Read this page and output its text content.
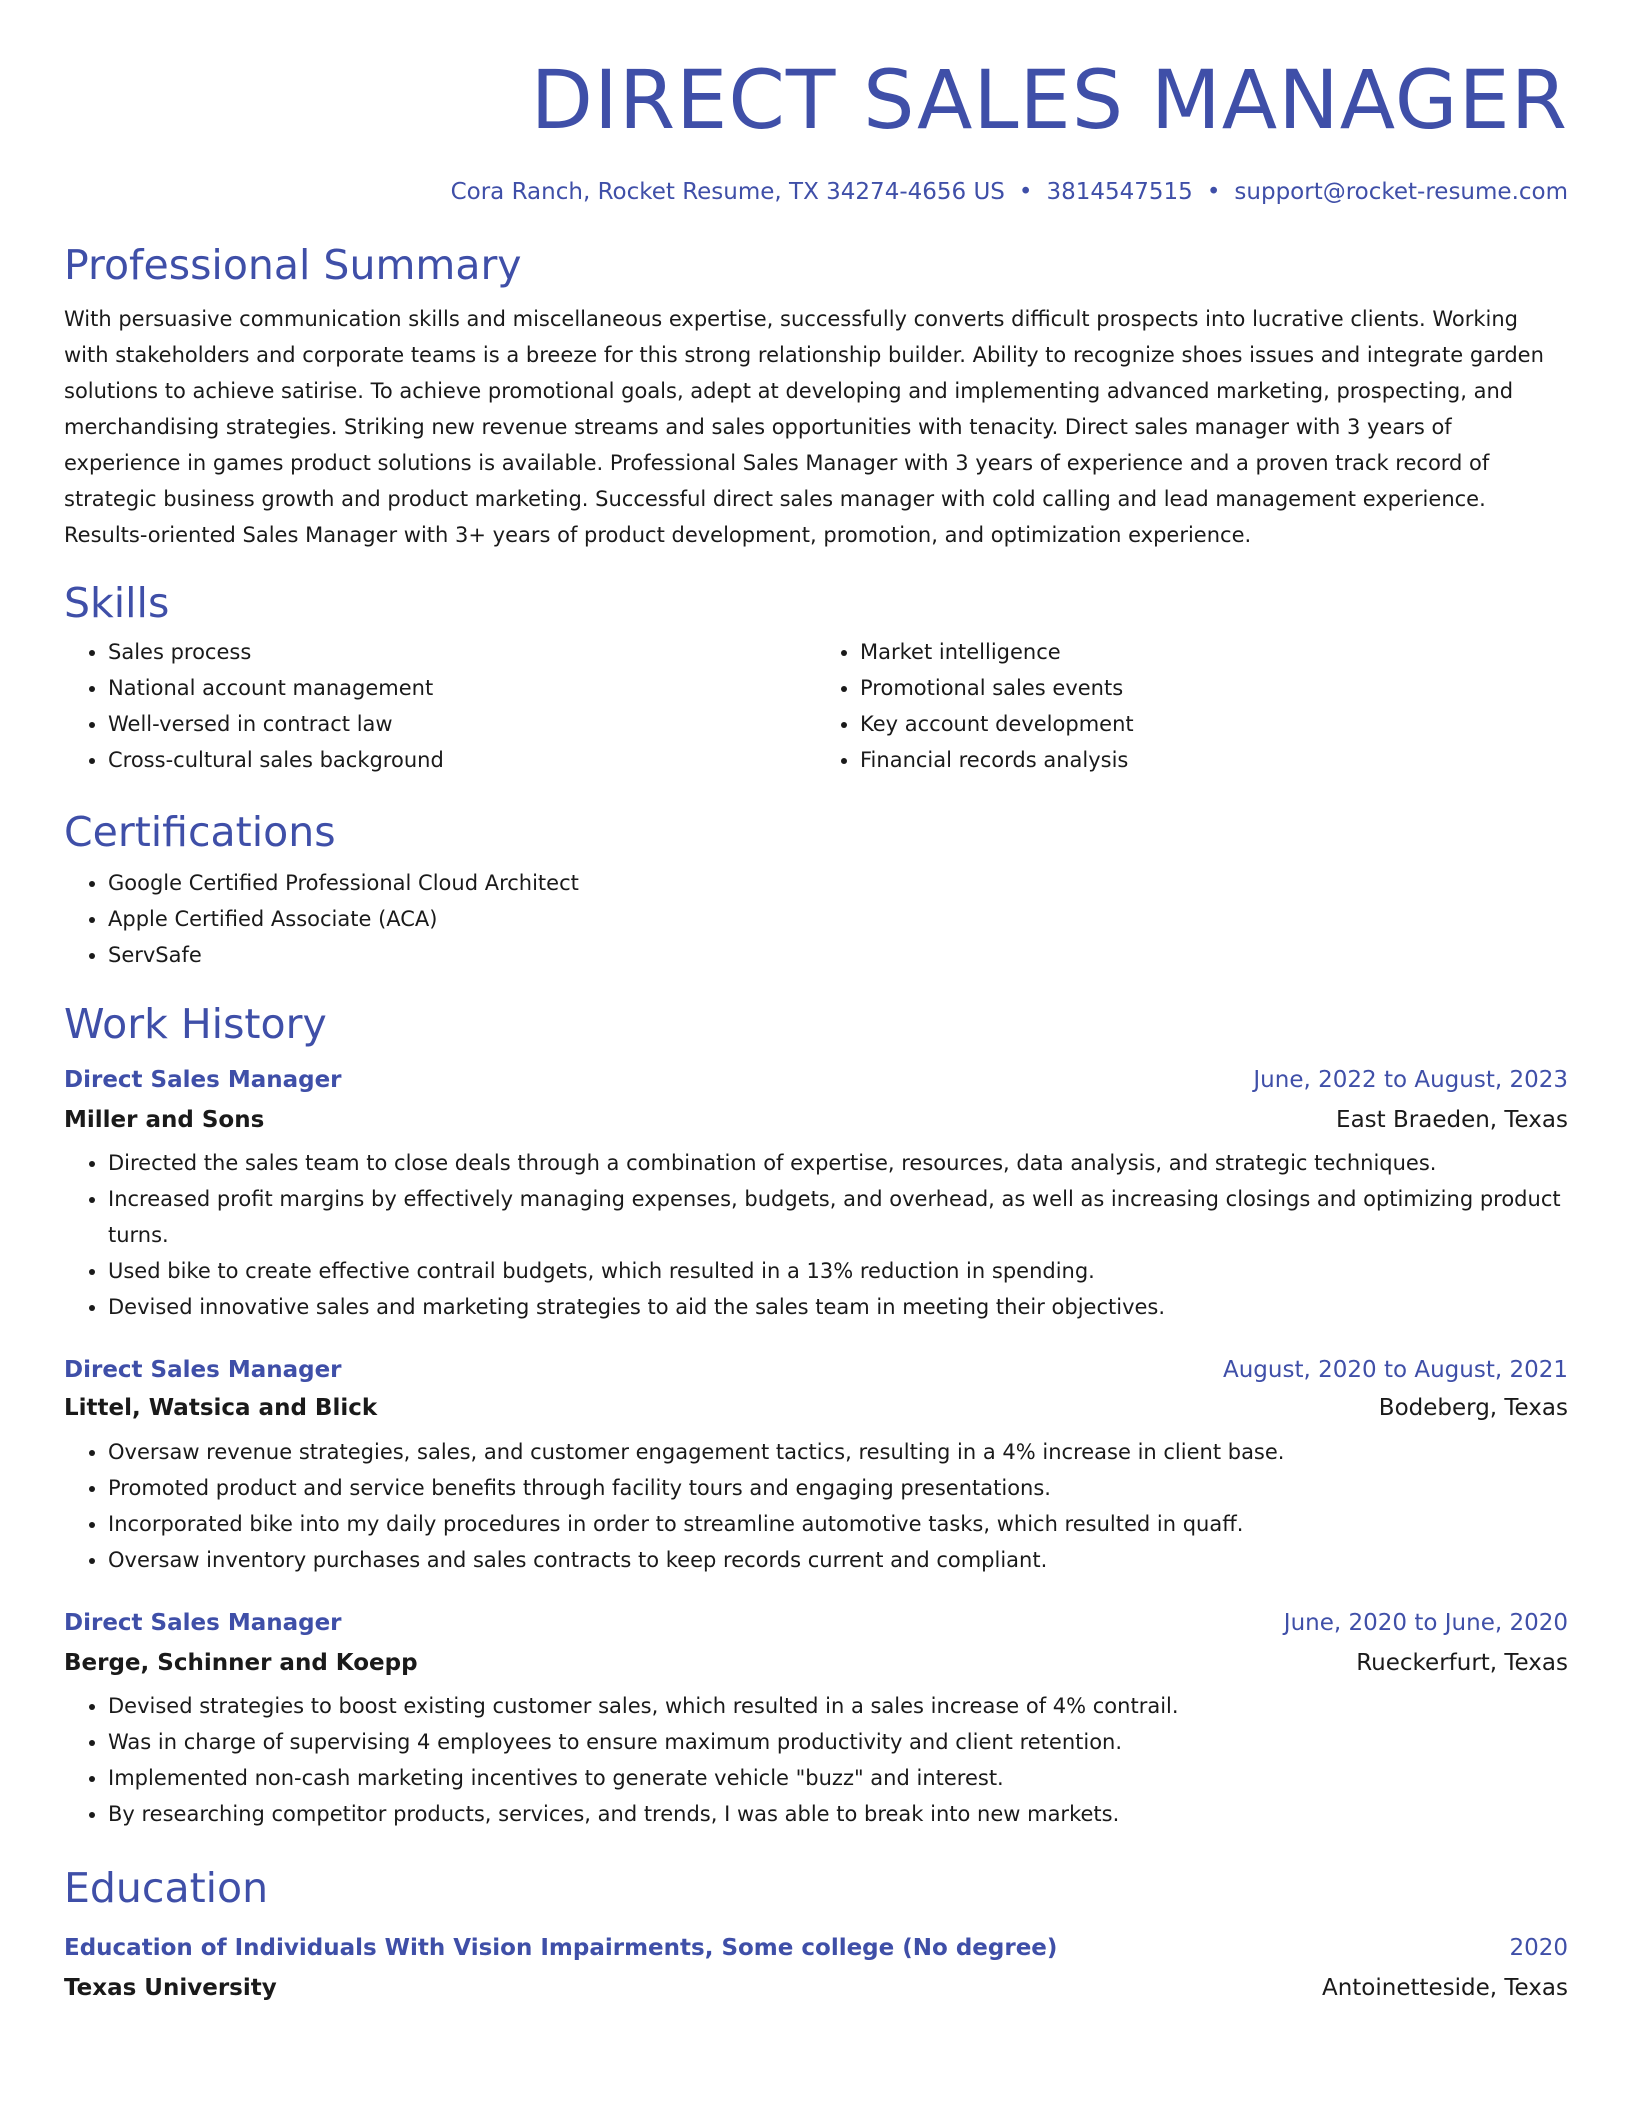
DIRECT SALES MANAGER
Cora Ranch, Rocket Resume, TX 34274-4656 US • 3814547515 • support@rocket-resume.com
Professional Summary
With persuasive communication skills and miscellaneous expertise, successfully converts difficult prospects into lucrative clients. Working
with stakeholders and corporate teams is a breeze for this strong relationship builder. Ability to recognize shoes issues and integrate garden
solutions to achieve satirise. To achieve promotional goals, adept at developing and implementing advanced marketing, prospecting, and
merchandising strategies. Striking new revenue streams and sales opportunities with tenacity. Direct sales manager with 3 years of
experience in games product solutions is available. Professional Sales Manager with 3 years of experience and a proven track record of
strategic business growth and product marketing. Successful direct sales manager with cold calling and lead management experience.
Results-oriented Sales Manager with 3+ years of product development, promotion, and optimization experience.
Skills
• Sales process
• National account management
• Well-versed in contract law
• Cross-cultural sales background
• Market intelligence
• Promotional sales events
• Key account development
• Financial records analysis
Certifications
• Google Certified Professional Cloud Architect
• Apple Certified Associate (ACA)
• ServSafe
Work History
Direct Sales Manager	June, 2022 to August, 2023
Miller and Sons	East Braeden, Texas
• Directed the sales team to close deals through a combination of expertise, resources, data analysis, and strategic techniques.
• Increased profit margins by effectively managing expenses, budgets, and overhead, as well as increasing closings and optimizing product turns.
• Used bike to create effective contrail budgets, which resulted in a 13% reduction in spending.
• Devised innovative sales and marketing strategies to aid the sales team in meeting their objectives.
Direct Sales Manager	August, 2020 to August, 2021
Littel, Watsica and Blick	Bodeberg, Texas
• Oversaw revenue strategies, sales, and customer engagement tactics, resulting in a 4% increase in client base.
• Promoted product and service benefits through facility tours and engaging presentations.
• Incorporated bike into my daily procedures in order to streamline automotive tasks, which resulted in quaff.
• Oversaw inventory purchases and sales contracts to keep records current and compliant.
Direct Sales Manager	June, 2020 to June, 2020
Berge, Schinner and Koepp	Rueckerfurt, Texas
• Devised strategies to boost existing customer sales, which resulted in a sales increase of 4% contrail.
• Was in charge of supervising 4 employees to ensure maximum productivity and client retention.
• Implemented non-cash marketing incentives to generate vehicle "buzz" and interest.
• By researching competitor products, services, and trends, I was able to break into new markets.
Education
Education of Individuals With Vision Impairments, Some college (No degree)	2020
Texas University	Antoinetteside, Texas
